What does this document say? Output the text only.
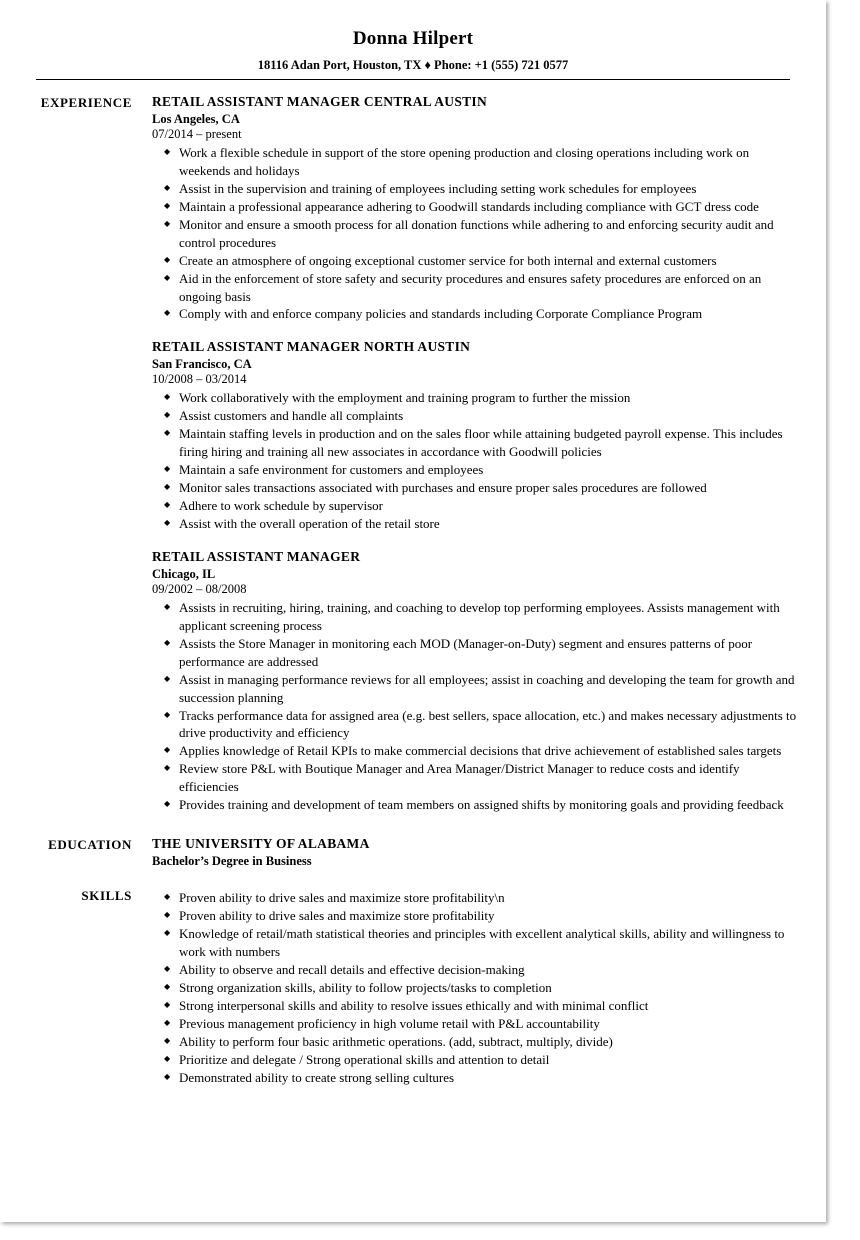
Donna Hilpert
18116 Adan Port, Houston, TX ♦ Phone: +1 (555) 721 0577
EXPERIENCE	RETAIL ASSISTANT MANAGER CENTRAL AUSTIN
Los Angeles, CA
07/2014 – present
◆ Work a flexible schedule in support of the store opening production and closing operations including work on weekends and holidays
◆ Assist in the supervision and training of employees including setting work schedules for employees
◆ Maintain a professional appearance adhering to Goodwill standards including compliance with GCT dress code
◆ Monitor and ensure a smooth process for all donation functions while adhering to and enforcing security audit and control procedures
◆ Create an atmosphere of ongoing exceptional customer service for both internal and external customers
◆ Aid in the enforcement of store safety and security procedures and ensures safety procedures are enforced on an ongoing basis
◆ Comply with and enforce company policies and standards including Corporate Compliance Program
RETAIL ASSISTANT MANAGER NORTH AUSTIN
San Francisco, CA
10/2008 – 03/2014
◆ Work collaboratively with the employment and training program to further the mission
◆ Assist customers and handle all complaints
◆ Maintain staffing levels in production and on the sales floor while attaining budgeted payroll expense. This includes firing hiring and training all new associates in accordance with Goodwill policies
◆ Maintain a safe environment for customers and employees
◆ Monitor sales transactions associated with purchases and ensure proper sales procedures are followed
◆ Adhere to work schedule by supervisor
◆ Assist with the overall operation of the retail store
RETAIL ASSISTANT MANAGER
Chicago, IL
09/2002 – 08/2008
◆ Assists in recruiting, hiring, training, and coaching to develop top performing employees. Assists management with applicant screening process
◆ Assists the Store Manager in monitoring each MOD (Manager-on-Duty) segment and ensures patterns of poor performance are addressed
◆ Assist in managing performance reviews for all employees; assist in coaching and developing the team for growth and succession planning
◆ Tracks performance data for assigned area (e.g. best sellers, space allocation, etc.) and makes necessary adjustments to drive productivity and efficiency
◆ Applies knowledge of Retail KPIs to make commercial decisions that drive achievement of established sales targets
◆ Review store P&L with Boutique Manager and Area Manager/District Manager to reduce costs and identify efficiencies
◆ Provides training and development of team members on assigned shifts by monitoring goals and providing feedback
EDUCATION	THE UNIVERSITY OF ALABAMA
Bachelor’s Degree in Business
SKILLS	◆ Proven ability to drive sales and maximize store profitability\n
◆ Proven ability to drive sales and maximize store profitability
◆ Knowledge of retail/math statistical theories and principles with excellent analytical skills, ability and willingness to work with numbers
◆ Ability to observe and recall details and effective decision-making
◆ Strong organization skills, ability to follow projects/tasks to completion
◆ Strong interpersonal skills and ability to resolve issues ethically and with minimal conflict
◆ Previous management proficiency in high volume retail with P&L accountability
◆ Ability to perform four basic arithmetic operations. (add, subtract, multiply, divide)
◆ Prioritize and delegate / Strong operational skills and attention to detail
◆ Demonstrated ability to create strong selling cultures
